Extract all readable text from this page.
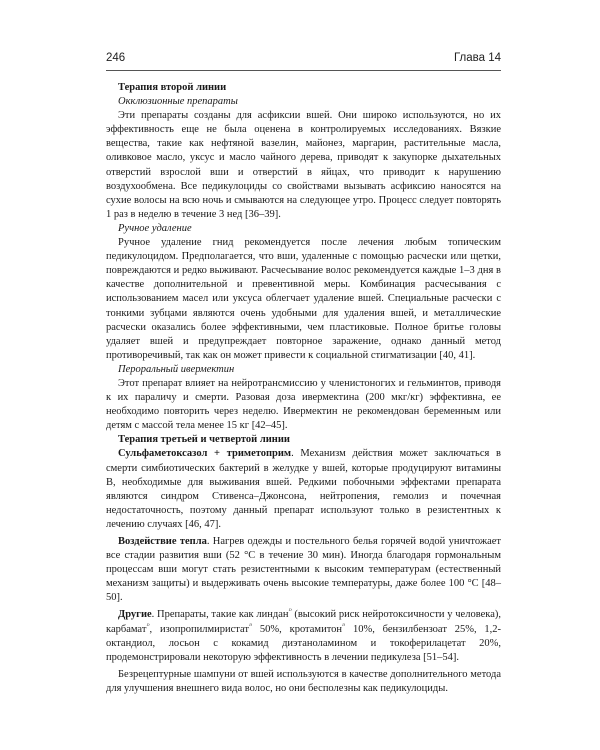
246	Глава 14

Терапия второй линии

Окклюзионные препараты

Эти препараты созданы для асфиксии вшей. Они широко используются, но их эффективность еще не была оценена в контролируемых исследованиях. Вязкие вещества, такие как нефтяной вазелин, майонез, маргарин, растительные масла, оливковое масло, уксус и масло чайного дерева, приводят к закупорке дыхательных отверстий взрослой вши и отверстий в яйцах, что приводит к нарушению воздухообмена. Все педикулоциды со свойствами вызывать асфиксию наносятся на сухие волосы на всю ночь и смываются на следующее утро. Процесс следует повторять 1 раз в неделю в течение 3 нед [36–39].

Ручное удаление

Ручное удаление гнид рекомендуется после лечения любым топическим педикулоцидом. Предполагается, что вши, удаленные с помощью расчески или щетки, повреждаются и редко выживают. Расчесывание волос рекомендуется каждые 1–3 дня в качестве дополнительной и превентивной меры. Комбинация расчесывания с использованием масел или уксуса облегчает удаление вшей. Специальные расчески с тонкими зубцами являются очень удобными для удаления вшей, и металлические расчески оказались более эффективными, чем пластиковые. Полное бритье головы удаляет вшей и предупреждает повторное заражение, однако данный метод противоречивый, так как он может привести к социальной стигматизации [40, 41].

Пероральный ивермектин

Этот препарат влияет на нейротрансмиссию у членистоногих и гельминтов, приводя к их параличу и смерти. Разовая доза ивермектина (200 мкг/кг) эффективна, ее необходимо повторить через неделю. Ивермектин не рекомендован беременным или детям с массой тела менее 15 кг [42–45].

Терапия третьей и четвертой линии

Сульфаметоксазол + триметоприм. Механизм действия может заключаться в смерти симбиотических бактерий в желудке у вшей, которые продуцируют витамины B, необходимые для выживания вшей. Редкими побочными эффектами препарата являются синдром Стивенса–Джонсона, нейтропения, гемолиз и почечная недостаточность, поэтому данный препарат используют только в резистентных к лечению случаях [46, 47].

Воздействие тепла. Нагрев одежды и постельного белья горячей водой уничтожает все стадии развития вши (52 °C в течение 30 мин). Иногда благодаря гормональным процессам вши могут стать резистентными к высоким температурам (естественный механизм защиты) и выдерживать очень высокие температуры, даже более 100 °C [48–50].

Другие. Препараты, такие как линдан$^ᴰ$ (высокий риск нейротоксичности у человека), карбамат$^ᴰ$, изопропилмиристат$^ᴰ$ 50%, кротамитон$^ᴰ$ 10%, бензилбензоат 25%, 1,2-октандиол, лосьон с кокамид диэтаноламином и токоферилацетат 20%, продемонстрировали некоторую эффективность в лечении педикулеза [51–54].

Безрецептурные шампуни от вшей используются в качестве дополнительного метода для улучшения внешнего вида волос, но они бесполезны как педикулоциды.
